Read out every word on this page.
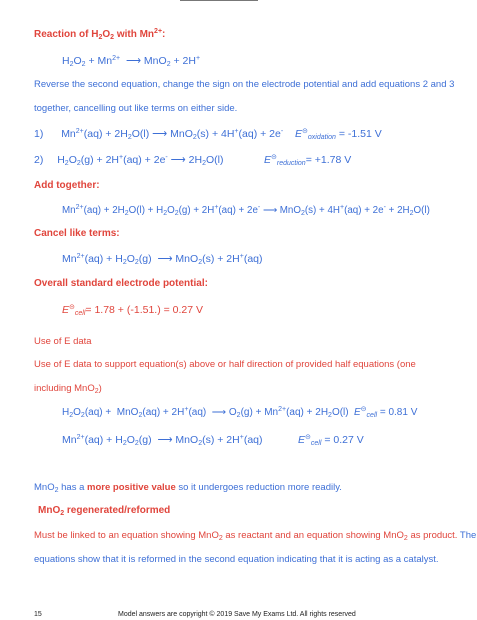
Reaction of $H_2O_2$ with $Mn^{2+}$:
$H_2O_2 + Mn^{2+}$  ⟶ MnO$_2$ + 2H+
Reverse the second equation, change the sign on the electrode potential and add equations 2 and 3
together, cancelling out like terms on either side.
1) $Mn^{2+}(aq) + 2H_2O(l)$ ⟶ MnO$_2$(s) + 4H+(aq) + 2e- $E^⊝_{oxidation} = -1.51$ V
2) $H_2O_2(g) + 2H^+(aq) + 2e^-$ ⟶ $2H_2O(l)$	$E^⊝_{reduction}= +1.78$ V
Add together:
$Mn^{2+}(aq) + 2H_2O(l) + H_2O_2(g) + 2H^+(aq) + 2e^-$ ⟶ $MnO_2(s) + 4H^+(aq) + 2e^- + 2H_2O(l)$
Cancel like terms:
$Mn^{2+}(aq) + H_2O_2(g)$  ⟶ MnO$_2$(s) + 2H+(aq)
Overall standard electrode potential:
$E^⊝_{cell}= 1.78 + (-1.51.) = 0.27$ V
Use of E data
Use of E data to support equation(s) above or half direction of provided half equations (one including MnO$_2$)
$H_2O_2(aq) + MnO_2(aq) + 2H^+(aq)$  ⟶ $O_2(g) + Mn^{2+}(aq) + 2H_2O(l) E^⊝_{cell} = 0.81$ V
$Mn^{2+}(aq) + H_2O_2(g)$  ⟶ MnO$_2$(s) + 2H+(aq)	$E^⊝_{cell} = 0.27$ V
MnO$_2$ has a more positive value so it undergoes reduction more readily.
MnO$_2$ regenerated/reformed
Must be linked to an equation showing MnO$_2$ as reactant and an equation showing MnO$_2$ as product. The
equations show that it is reformed in the second equation indicating that it is acting as a catalyst.
15	Model answers are copyright © 2019 Save My Exams Ltd. All rights reserved
